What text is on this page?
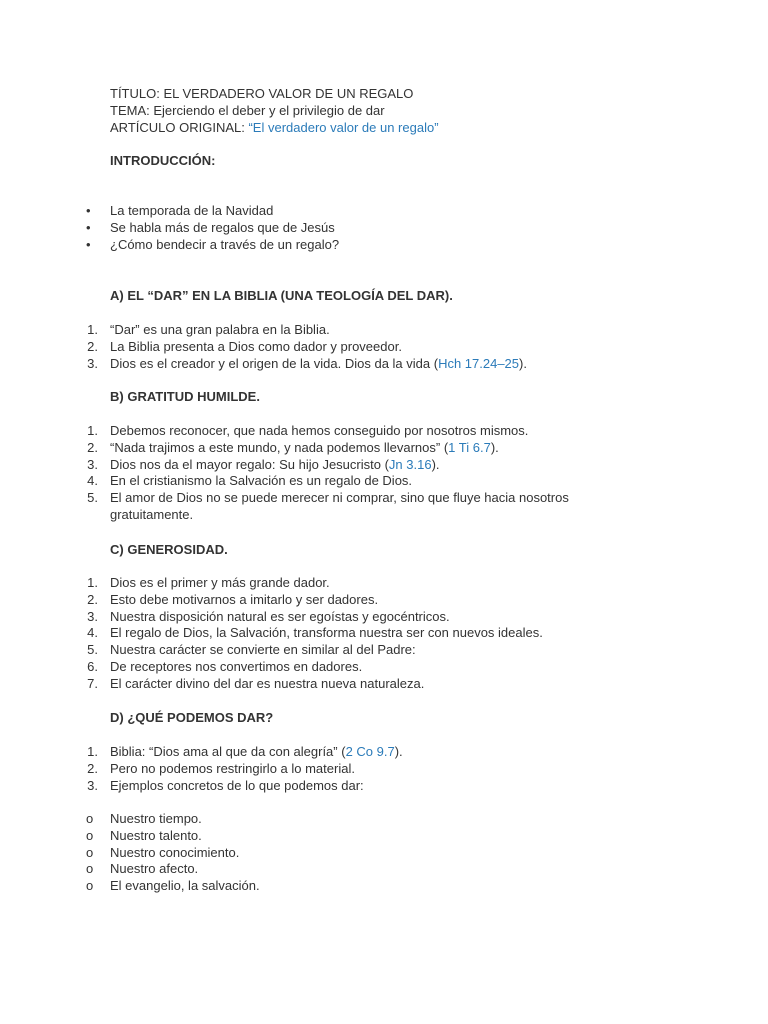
TÍTULO: EL VERDADERO VALOR DE UN REGALO
TEMA: Ejerciendo el deber y el privilegio de dar
ARTÍCULO ORIGINAL: “El verdadero valor de un regalo”
INTRODUCCIÓN:
• La temporada de la Navidad
• Se habla más de regalos que de Jesús
• ¿Cómo bendecir a través de un regalo?
A) EL “DAR” EN LA BIBLIA (UNA TEOLOGÍA DEL DAR).
1. “Dar” es una gran palabra en la Biblia.
2. La Biblia presenta a Dios como dador y proveedor.
3. Dios es el creador y el origen de la vida. Dios da la vida (Hch 17.24–25).
B) GRATITUD HUMILDE.
1. Debemos reconocer, que nada hemos conseguido por nosotros mismos.
2. “Nada trajimos a este mundo, y nada podemos llevarnos” (1 Ti 6.7).
3. Dios nos da el mayor regalo: Su hijo Jesucristo (Jn 3.16).
4. En el cristianismo la Salvación es un regalo de Dios.
5. El amor de Dios no se puede merecer ni comprar, sino que fluye hacia nosotros gratuitamente.
C) GENEROSIDAD.
1. Dios es el primer y más grande dador.
2. Esto debe motivarnos a imitarlo y ser dadores.
3. Nuestra disposición natural es ser egoístas y egocéntricos.
4. El regalo de Dios, la Salvación, transforma nuestra ser con nuevos ideales.
5. Nuestra carácter se convierte en similar al del Padre:
6. De receptores nos convertimos en dadores.
7. El carácter divino del dar es nuestra nueva naturaleza.
D) ¿QUÉ PODEMOS DAR?
1. Biblia: “Dios ama al que da con alegría” (2 Co 9.7).
2. Pero no podemos restringirlo a lo material.
3. Ejemplos concretos de lo que podemos dar:
o Nuestro tiempo.
o Nuestro talento.
o Nuestro conocimiento.
o Nuestro afecto.
o El evangelio, la salvación.
